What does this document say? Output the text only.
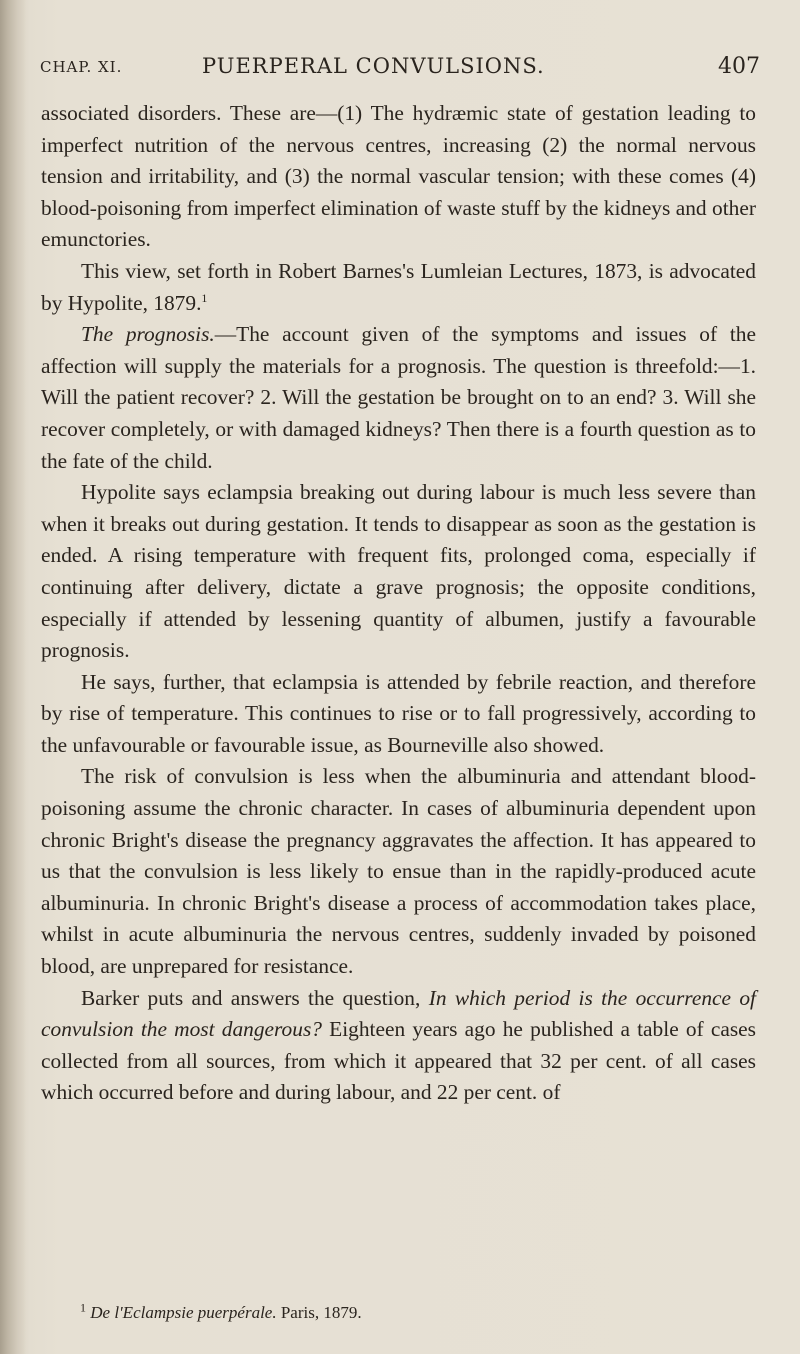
CHAP. XI.	PUERPERAL CONVULSIONS.	407

associated disorders. These are—(1) The hydræmic state of gestation leading to imperfect nutrition of the nervous centres, increasing (2) the normal nervous tension and irritability, and (3) the normal vascular tension; with these comes (4) blood-poisoning from imperfect elimination of waste stuff by the kidneys and other emunctories.

This view, set forth in Robert Barnes's Lumleian Lectures, 1873, is advocated by Hypolite, 1879.$^1$

The prognosis.—The account given of the symptoms and issues of the affection will supply the materials for a prognosis. The question is threefold:—1. Will the patient recover? 2. Will the gestation be brought on to an end? 3. Will she recover completely, or with damaged kidneys? Then there is a fourth question as to the fate of the child.

Hypolite says eclampsia breaking out during labour is much less severe than when it breaks out during gestation. It tends to disappear as soon as the gestation is ended. A rising temperature with frequent fits, prolonged coma, especially if continuing after delivery, dictate a grave prognosis; the opposite conditions, especially if attended by lessening quantity of albumen, justify a favourable prognosis.

He says, further, that eclampsia is attended by febrile reaction, and therefore by rise of temperature. This continues to rise or to fall progressively, according to the unfavourable or favourable issue, as Bourneville also showed.

The risk of convulsion is less when the albuminuria and attendant blood-poisoning assume the chronic character. In cases of albuminuria dependent upon chronic Bright's disease the pregnancy aggravates the affection. It has appeared to us that the convulsion is less likely to ensue than in the rapidly-produced acute albuminuria. In chronic Bright's disease a process of accommodation takes place, whilst in acute albuminuria the nervous centres, suddenly invaded by poisoned blood, are unprepared for resistance.

Barker puts and answers the question, In which period is the occurrence of convulsion the most dangerous? Eighteen years ago he published a table of cases collected from all sources, from which it appeared that 32 per cent. of all cases which occurred before and during labour, and 22 per cent. of

$^1$ De l'Eclampsie puerpérale. Paris, 1879.
